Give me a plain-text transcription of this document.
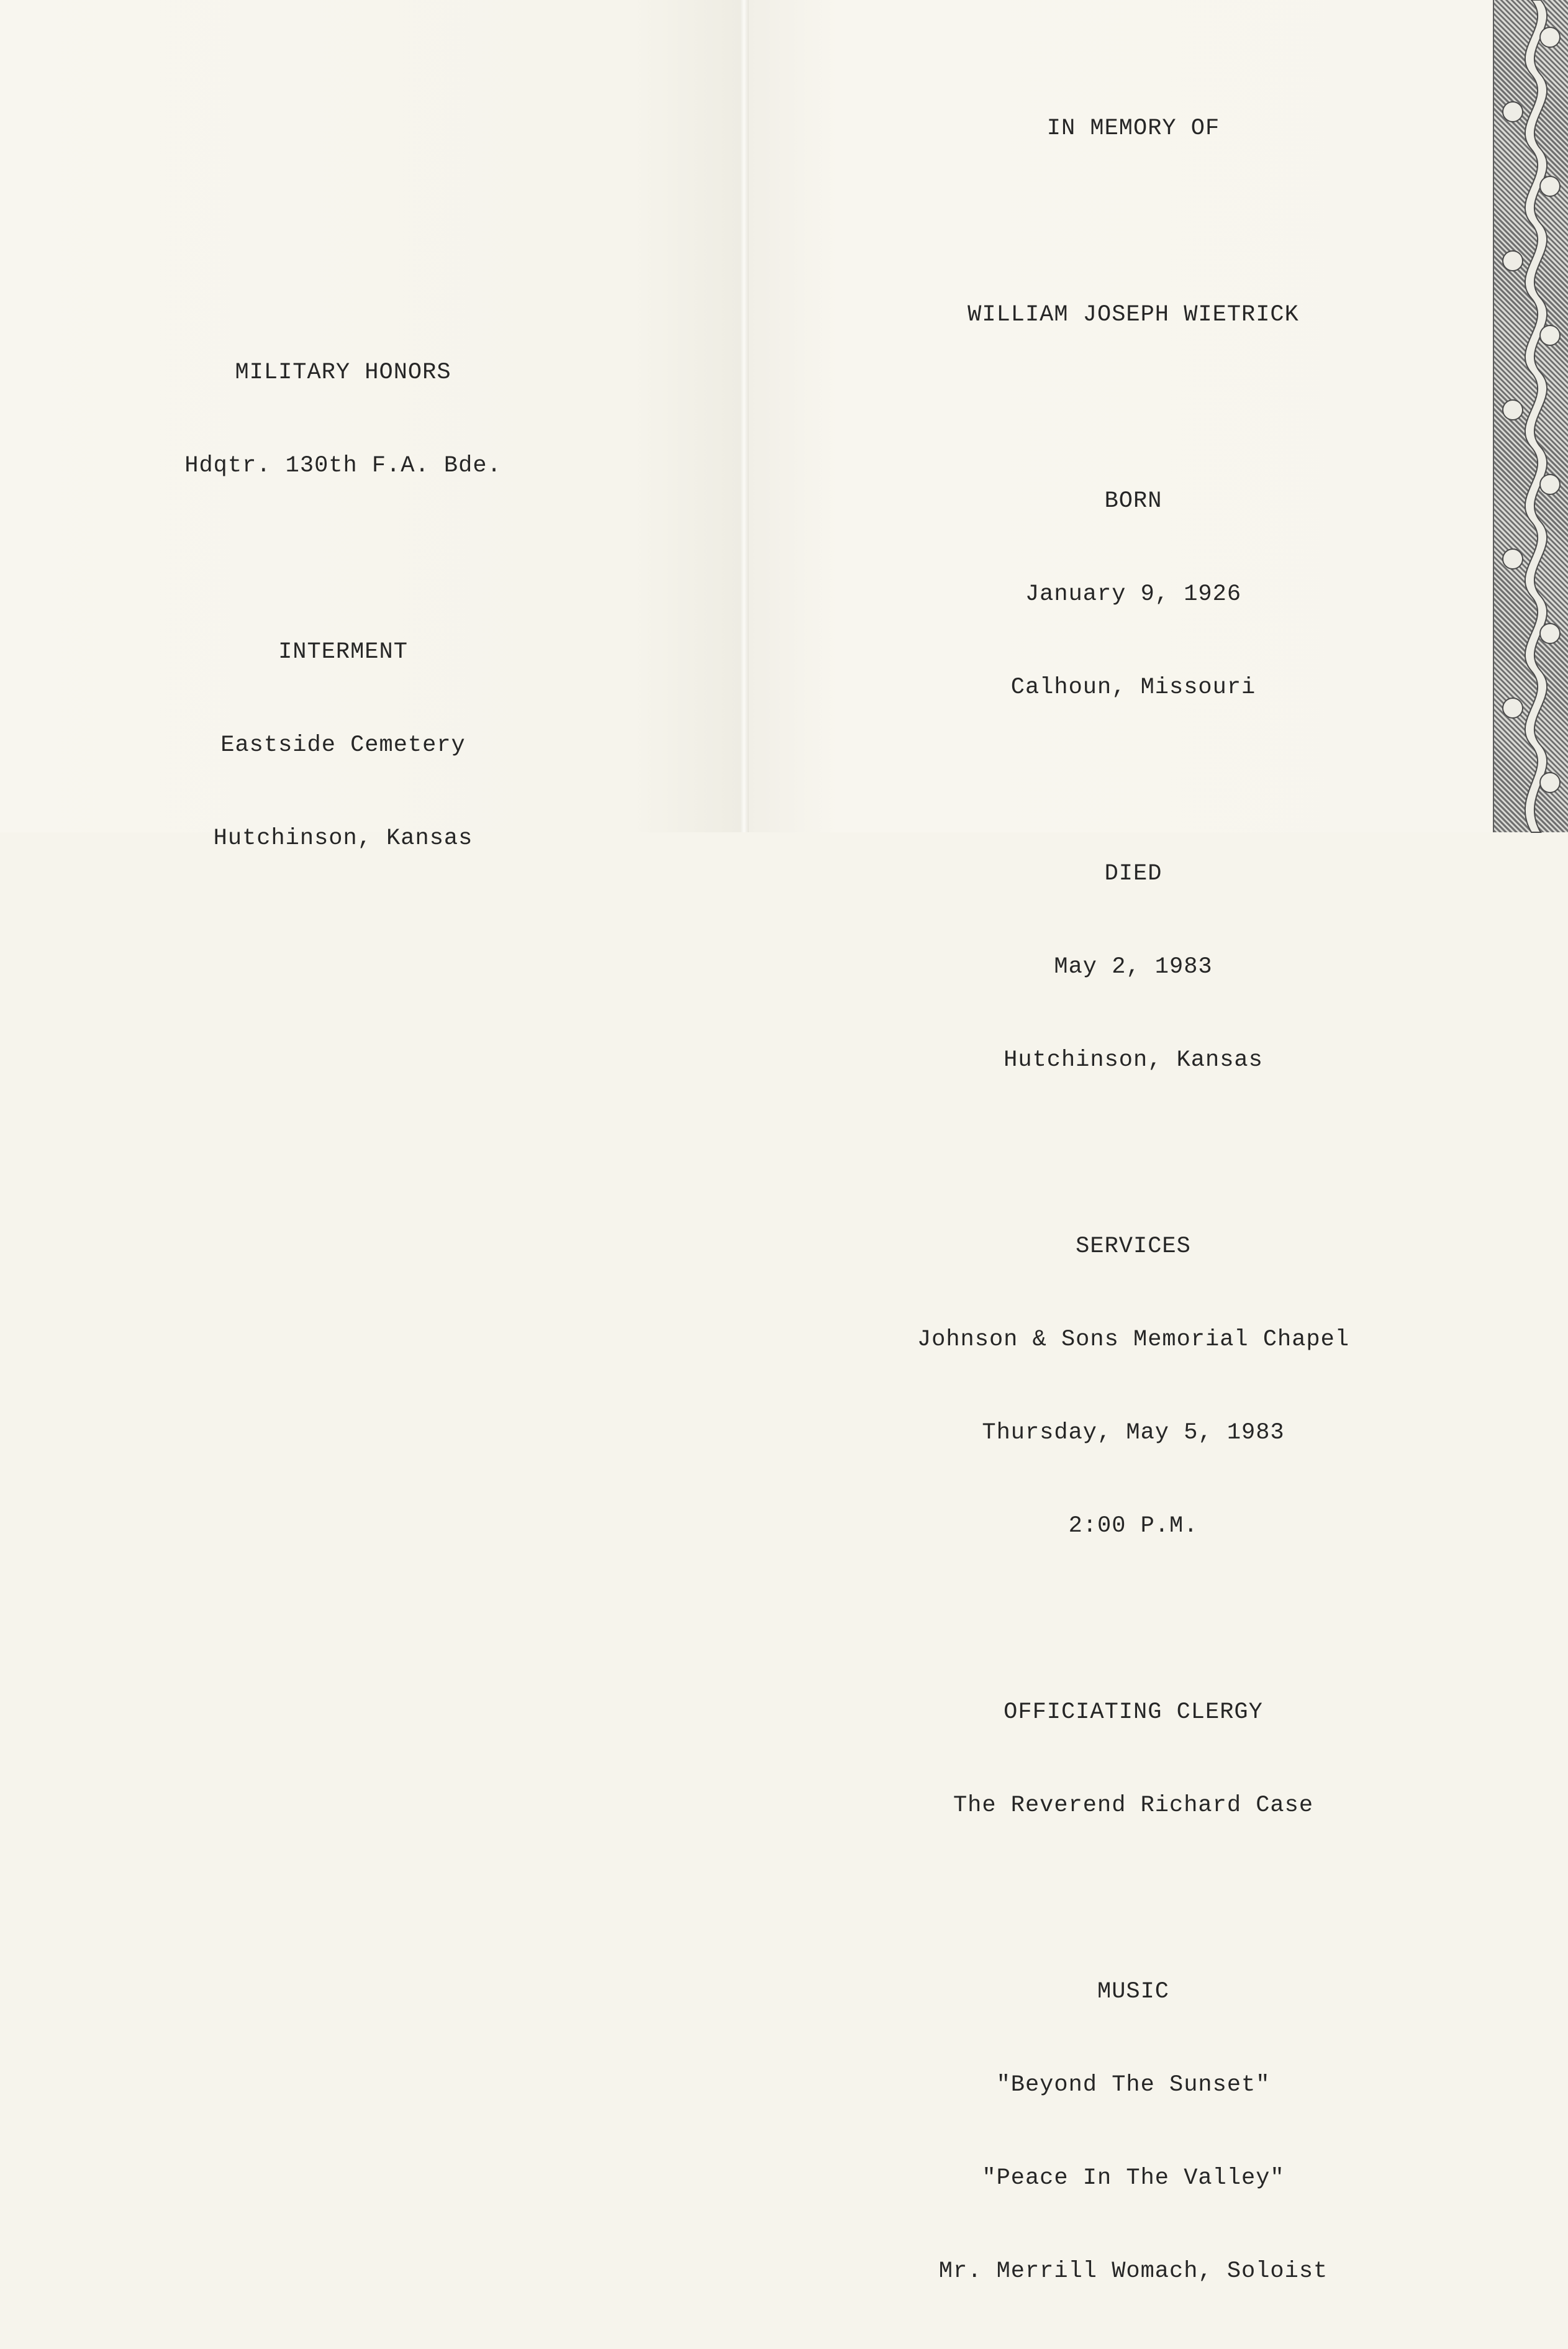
MILITARY HONORS

Hdqtr. 130th F.A. Bde.

INTERMENT

Eastside Cemetery

Hutchinson, Kansas

IN MEMORY OF

WILLIAM JOSEPH WIETRICK

BORN

January 9, 1926

Calhoun, Missouri

DIED

May 2, 1983

Hutchinson, Kansas

SERVICES

Johnson & Sons Memorial Chapel

Thursday, May 5, 1983

2:00 P.M.

OFFICIATING CLERGY

The Reverend Richard Case

MUSIC

"Beyond The Sunset"

"Peace In The Valley"

Mr. Merrill Womach, Soloist
